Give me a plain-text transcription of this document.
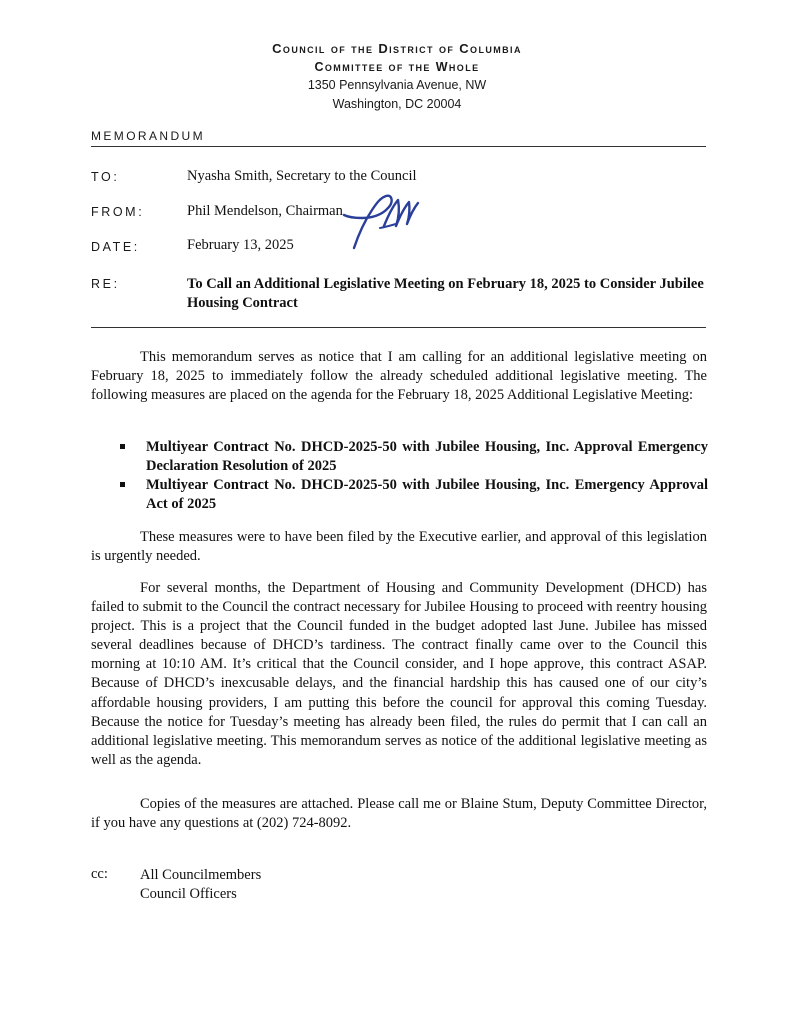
Council of the District of Columbia
Committee of the Whole
1350 Pennsylvania Avenue, NW
Washington, DC 20004
MEMORANDUM
TO:	Nyasha Smith, Secretary to the Council
FROM:	Phil Mendelson, Chairman
DATE:	February 13, 2025
RE:	To Call an Additional Legislative Meeting on February 18, 2025 to Consider Jubilee Housing Contract
This memorandum serves as notice that I am calling for an additional legislative meeting on February 18, 2025 to immediately follow the already scheduled additional legislative meeting. The following measures are placed on the agenda for the February 18, 2025 Additional Legislative Meeting:
Multiyear Contract No. DHCD-2025-50 with Jubilee Housing, Inc. Approval Emergency Declaration Resolution of 2025
Multiyear Contract No. DHCD-2025-50 with Jubilee Housing, Inc. Emergency Approval Act of 2025
These measures were to have been filed by the Executive earlier, and approval of this legislation is urgently needed.
For several months, the Department of Housing and Community Development (DHCD) has failed to submit to the Council the contract necessary for Jubilee Housing to proceed with reentry housing project. This is a project that the Council funded in the budget adopted last June. Jubilee has missed several deadlines because of DHCD’s tardiness. The contract finally came over to the Council this morning at 10:10 AM. It’s critical that the Council consider, and I hope approve, this contract ASAP. Because of DHCD’s inexcusable delays, and the financial hardship this has caused one of our city’s affordable housing providers, I am putting this before the council for approval this coming Tuesday. Because the notice for Tuesday’s meeting has already been filed, the rules do permit that I can call an additional legislative meeting. This memorandum serves as notice of the additional legislative meeting as well as the agenda.
Copies of the measures are attached. Please call me or Blaine Stum, Deputy Committee Director, if you have any questions at (202) 724-8092.
cc: All Councilmembers
Council Officers
